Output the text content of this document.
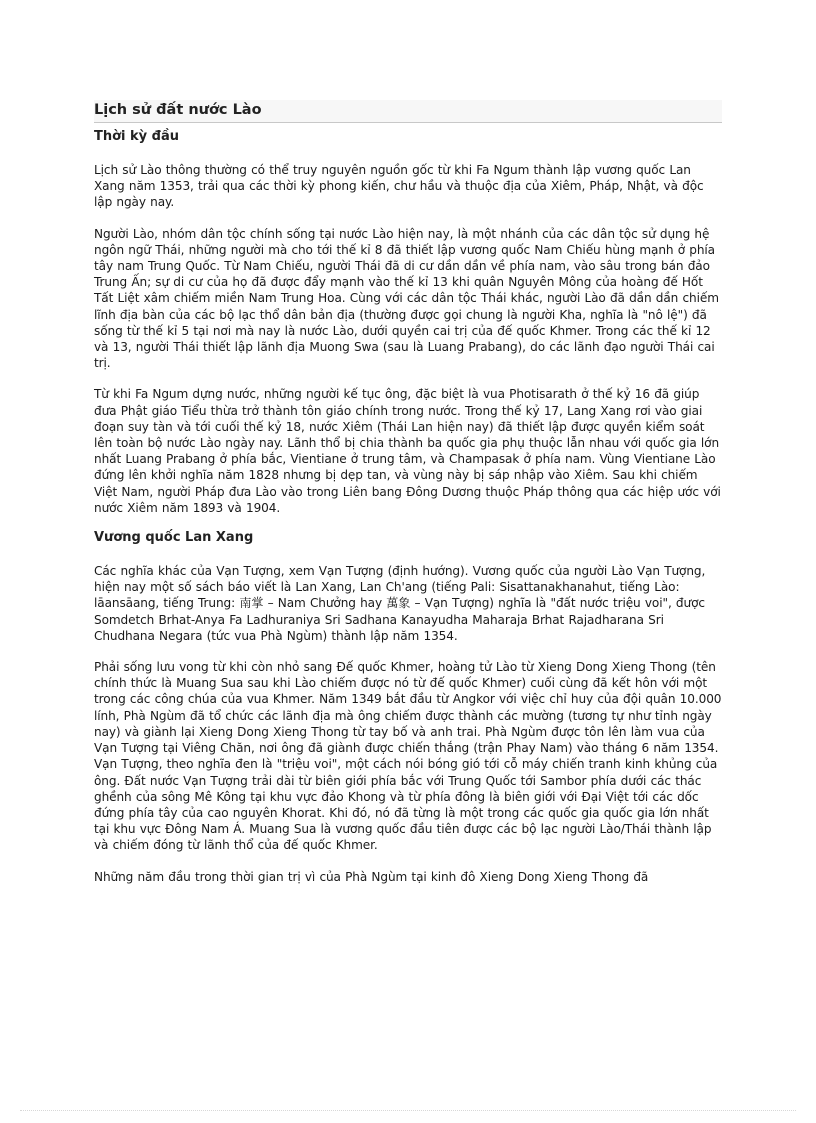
Lịch sử đất nước Lào
Thời kỳ đầu

Lịch sử Lào thông thường có thể truy nguyên nguồn gốc từ khi Fa Ngum thành lập vương quốc Lan Xang năm 1353, trải qua các thời kỳ phong kiến, chư hầu và thuộc địa của Xiêm, Pháp, Nhật, và độc lập ngày nay.

Người Lào, nhóm dân tộc chính sống tại nước Lào hiện nay, là một nhánh của các dân tộc sử dụng hệ ngôn ngữ Thái, những người mà cho tới thế kỉ 8 đã thiết lập vương quốc Nam Chiếu hùng mạnh ở phía tây nam Trung Quốc. Từ Nam Chiếu, người Thái đã di cư dần dần về phía nam, vào sâu trong bán đảo Trung Ấn; sự di cư của họ đã được đẩy mạnh vào thế kỉ 13 khi quân Nguyên Mông của hoàng đế Hốt Tất Liệt xâm chiếm miền Nam Trung Hoa. Cùng với các dân tộc Thái khác, người Lào đã dần dần chiếm lĩnh địa bàn của các bộ lạc thổ dân bản địa (thường được gọi chung là người Kha, nghĩa là "nô lệ") đã sống từ thế kỉ 5 tại nơi mà nay là nước Lào, dưới quyền cai trị của đế quốc Khmer. Trong các thế kỉ 12 và 13, người Thái thiết lập lãnh địa Muong Swa (sau là Luang Prabang), do các lãnh đạo người Thái cai trị.

Từ khi Fa Ngum dựng nước, những người kế tục ông, đặc biệt là vua Photisarath ở thế kỷ 16 đã giúp đưa Phật giáo Tiểu thừa trở thành tôn giáo chính trong nước. Trong thế kỷ 17, Lang Xang rơi vào giai đoạn suy tàn và tới cuối thế kỷ 18, nước Xiêm (Thái Lan hiện nay) đã thiết lập được quyền kiểm soát lên toàn bộ nước Lào ngày nay. Lãnh thổ bị chia thành ba quốc gia phụ thuộc lẫn nhau với quốc gia lớn nhất Luang Prabang ở phía bắc, Vientiane ở trung tâm, và Champasak ở phía nam. Vùng Vientiane Lào đứng lên khởi nghĩa năm 1828 nhưng bị dẹp tan, và vùng này bị sáp nhập vào Xiêm. Sau khi chiếm Việt Nam, người Pháp đưa Lào vào trong Liên bang Đông Dương thuộc Pháp thông qua các hiệp ước với nước Xiêm năm 1893 và 1904.

Vương quốc Lan Xang

Các nghĩa khác của Vạn Tượng, xem Vạn Tượng (định hướng). Vương quốc của người Lào Vạn Tượng, hiện nay một số sách báo viết là Lan Xang, Lan Ch'ang (tiếng Pali: Sisattanakhanahut, tiếng Lào: lāansāang, tiếng Trung: 南掌 – Nam Chưởng hay 萬象 – Vạn Tượng) nghĩa là "đất nước triệu voi", được Somdetch Brhat-Anya Fa Ladhuraniya Sri Sadhana Kanayudha Maharaja Brhat Rajadharana Sri Chudhana Negara (tức vua Phà Ngùm) thành lập năm 1354.

Phải sống lưu vong từ khi còn nhỏ sang Đế quốc Khmer, hoàng tử Lào từ Xieng Dong Xieng Thong (tên chính thức là Muang Sua sau khi Lào chiếm được nó từ đế quốc Khmer) cuối cùng đã kết hôn với một trong các công chúa của vua Khmer. Năm 1349 bắt đầu từ Angkor với việc chỉ huy của đội quân 10.000 lính, Phà Ngùm đã tổ chức các lãnh địa mà ông chiếm được thành các mường (tương tự như tỉnh ngày nay) và giành lại Xieng Dong Xieng Thong từ tay bố và anh trai. Phà Ngùm được tôn lên làm vua của Vạn Tượng tại Viêng Chăn, nơi ông đã giành được chiến thắng (trận Phay Nam) vào tháng 6 năm 1354. Vạn Tượng, theo nghĩa đen là "triệu voi", một cách nói bóng gió tới cỗ máy chiến tranh kinh khủng của ông. Đất nước Vạn Tượng trải dài từ biên giới phía bắc với Trung Quốc tới Sambor phía dưới các thác ghềnh của sông Mê Kông tại khu vực đảo Khong và từ phía đông là biên giới với Đại Việt tới các dốc đứng phía tây của cao nguyên Khorat. Khi đó, nó đã từng là một trong các quốc gia quốc gia lớn nhất tại khu vực Đông Nam Á. Muang Sua là vương quốc đầu tiên được các bộ lạc người Lào/Thái thành lập và chiếm đóng từ lãnh thổ của đế quốc Khmer.

Những năm đầu trong thời gian trị vì của Phà Ngùm tại kinh đô Xieng Dong Xieng Thong đã
